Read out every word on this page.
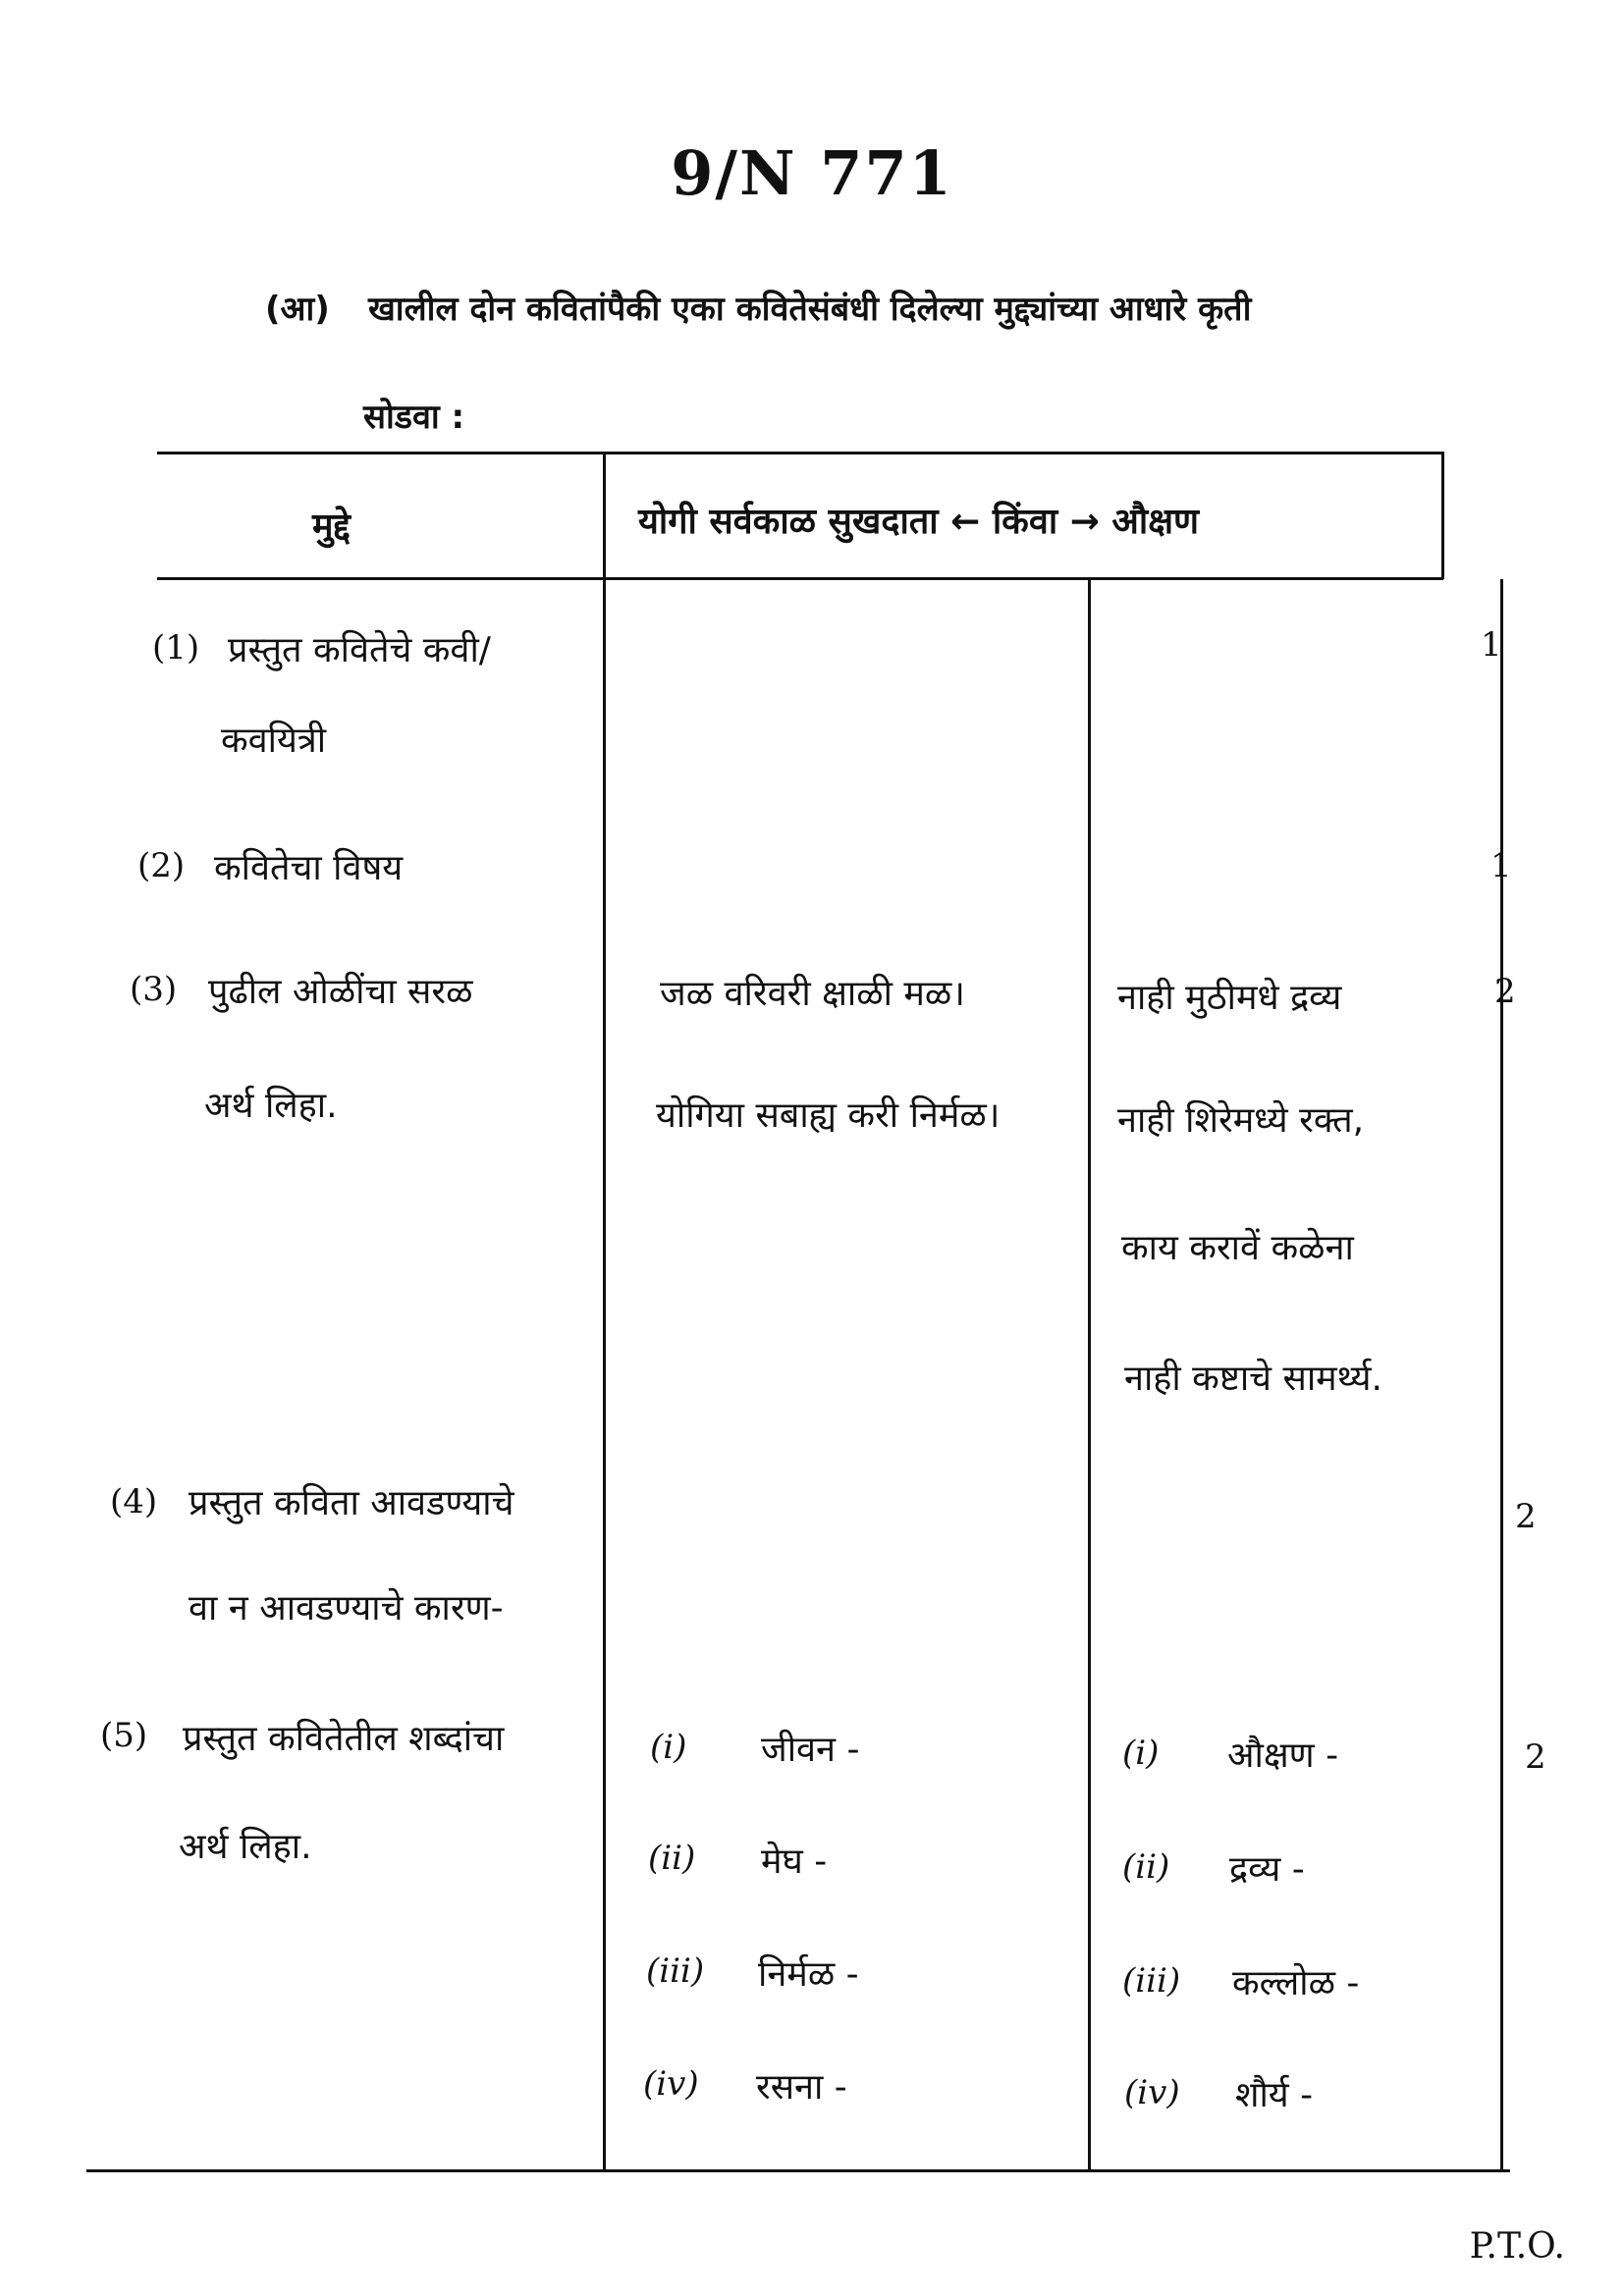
9/N 771
(आ) खालील दोन कवितांपैकी एका कवितेसंबंधी दिलेल्या मुद्द्यांच्या आधारे कृती
सोडवा :
मुद्दे	योगी सर्वकाळ सुखदाता ← किंवा → औक्षण
(1) प्रस्तुत कवितेचे कवी/
कवयित्री
1
(2) कवितेचा विषय	1
(3) पुढील ओळींचा सरळ
अर्थ लिहा.
2
जळ वरिवरी क्षाळी मळ।
योगिया सबाह्य करी निर्मळ।
नाही मुठीमधे द्रव्य
नाही शिरेमध्ये रक्त,
काय करावें कळेना
नाही कष्टाचे सामर्थ्य.
(4) प्रस्तुत कविता आवडण्याचे
वा न आवडण्याचे कारण-
2
(5) प्रस्तुत कवितेतील शब्दांचा
अर्थ लिहा.
2
(i) जीवन -
(ii) मेघ -
(iii) निर्मळ -
(iv) रसना -
(i) औक्षण -
(ii) द्रव्य -
(iii) कल्लोळ -
(iv) शौर्य -
P.T.O.
